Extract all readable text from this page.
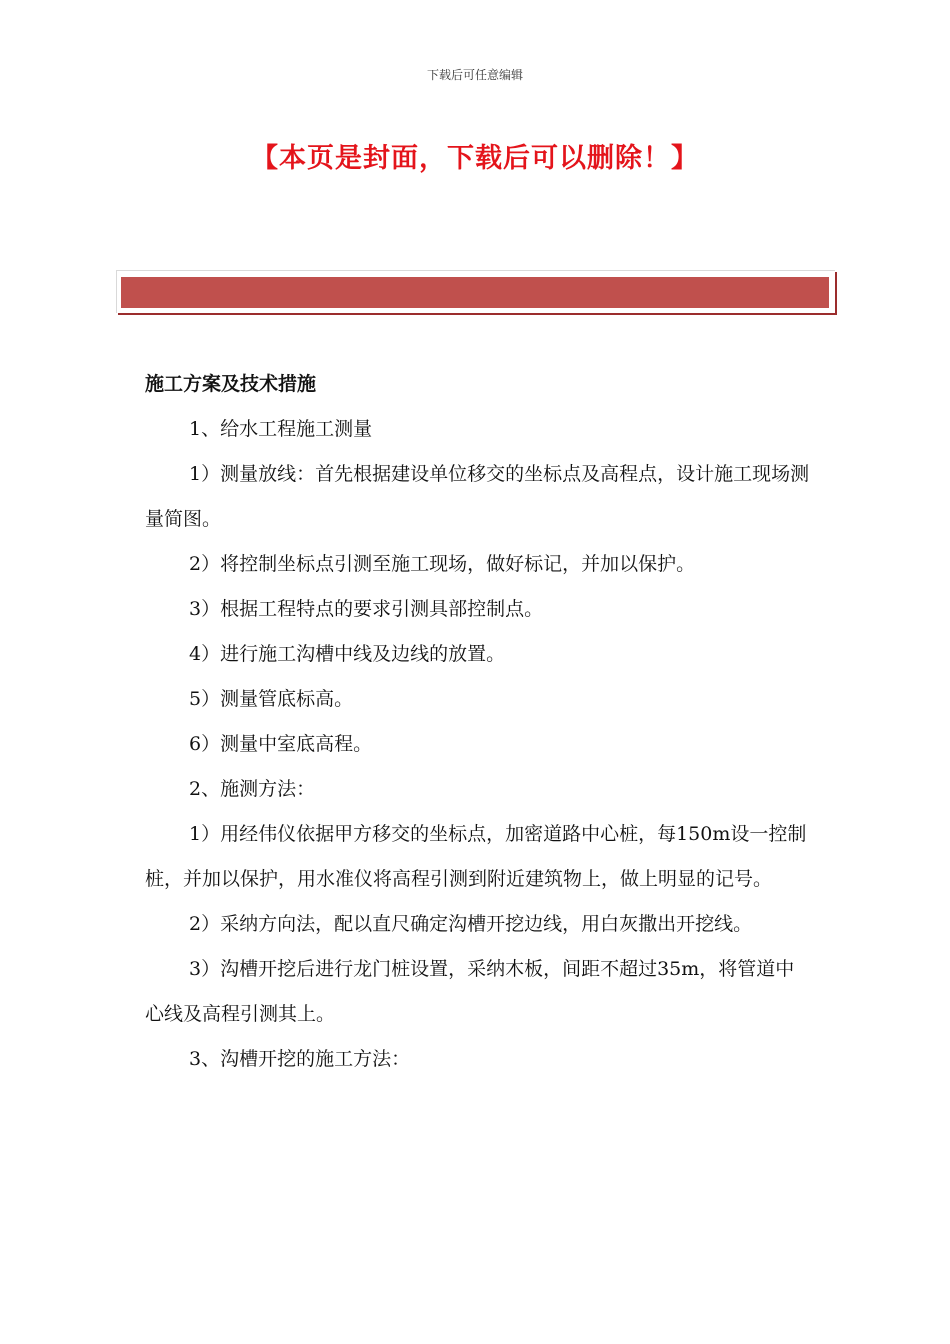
下载后可任意编辑
【本页是封面，下载后可以删除！】

施工方案及技术措施

1、给水工程施工测量

1）测量放线：首先根据建设单位移交的坐标点及高程点，设计施工现场测量简图。

2）将控制坐标点引测至施工现场，做好标记，并加以保护。

3）根据工程特点的要求引测具部控制点。

4）进行施工沟槽中线及边线的放置。

5）测量管底标高。

6）测量中室底高程。

2、施测方法：

1）用经伟仪依据甲方移交的坐标点，加密道路中心桩，每150m设一控制桩，并加以保护，用水准仪将高程引测到附近建筑物上，做上明显的记号。

2）采纳方向法，配以直尺确定沟槽开挖边线，用白灰撒出开挖线。

3）沟槽开挖后进行龙门桩设置，采纳木板，间距不超过35m，将管道中心线及高程引测其上。

3、沟槽开挖的施工方法：
